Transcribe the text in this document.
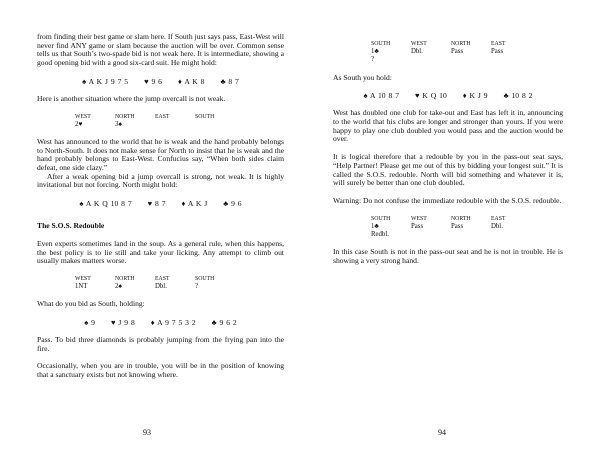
from finding their best game or slam here. If South just says pass, East-West will never find ANY game or slam because the auction will be over. Common sense tells us that South’s two-spade bid is not weak here. It is intermediate, showing a good opening bid with a good six-card suit. He might hold:

♠ A K J 9 7 5 ♥ 9 6 ♦ A K 8 ♣ 8 7

Here is another situation where the jump overcall is not weak.

WEST	NORTH	EAST	SOUTH
2♥	3♠		

West has announced to the world that he is weak and the hand probably belongs to North-South. It does not make sense for North to insist that he is weak and the hand probably belongs to East-West. Confucius say, “When both sides claim defeat, one side clazy.”

After a weak opening bid a jump overcall is strong, not weak. It is highly invitational but not forcing. North might hold:

♠ A K Q 10 8 7 ♥ 8 7 ♦ A K J ♣ 9 6

The S.O.S. Redouble

Even experts sometimes land in the soup. As a general rule, when this happens, the best policy is to lie still and take your licking. Any attempt to climb out usually makes matters worse.

WEST	NORTH	EAST	SOUTH
1NT	2♠	Dbl.	?

What do you bid as South, holding:

♠ 9 ♥ J 9 8 ♦ A 9 7 5 3 2 ♣ 9 6 2

Pass. To bid three diamonds is probably jumping from the frying pan into the fire.

Occasionally, when you are in trouble, you will be in the position of knowing that a sanctuary exists but not knowing where.

93
SOUTH	WEST	NORTH	EAST
1♣	Dbl.	Pass	Pass
?			

As South you hold:

♠ A 10 8 7 ♥ K Q 10 ♦ K J 9 ♣ 10 8 2

West has doubled one club for take-out and East has left it in, announcing to the world that his clubs are longer and stronger than yours. If you were happy to play one club doubled you would pass and the auction would be over.

It is logical therefore that a redouble by you in the pass-out seat says, “Help Partner! Please get me out of this by bidding your longest suit.” It is called the S.O.S. redouble. North will bid something and whatever it is, will surely be better than one club doubled.

Warning: Do not confuse the immediate redouble with the S.O.S. redouble.

SOUTH	WEST	NORTH	EAST
1♣	Pass	Pass	Dbl.
Redbl.			

In this case South is not in the pass-out seat and he is not in trouble. He is showing a very strong hand.

94
